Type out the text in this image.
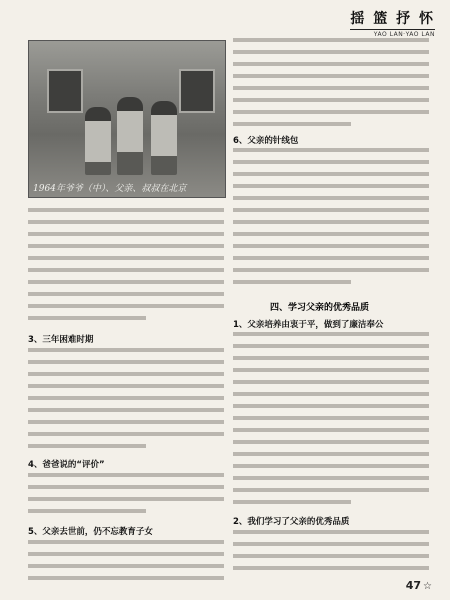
揺 篮 抒 怀
YAO LAN·YAO LAN
1964年爷爷（中）、父亲、叔叔在北京
3、三年困难时期
4、爸爸说的“评价”
5、父亲去世前，仍不忘教育子女
6、父亲的针线包
四、学习父亲的优秀品质
1、父亲培养由衷于平，做到了廉洁奉公
2、我们学习了父亲的优秀品质
47 ☆
